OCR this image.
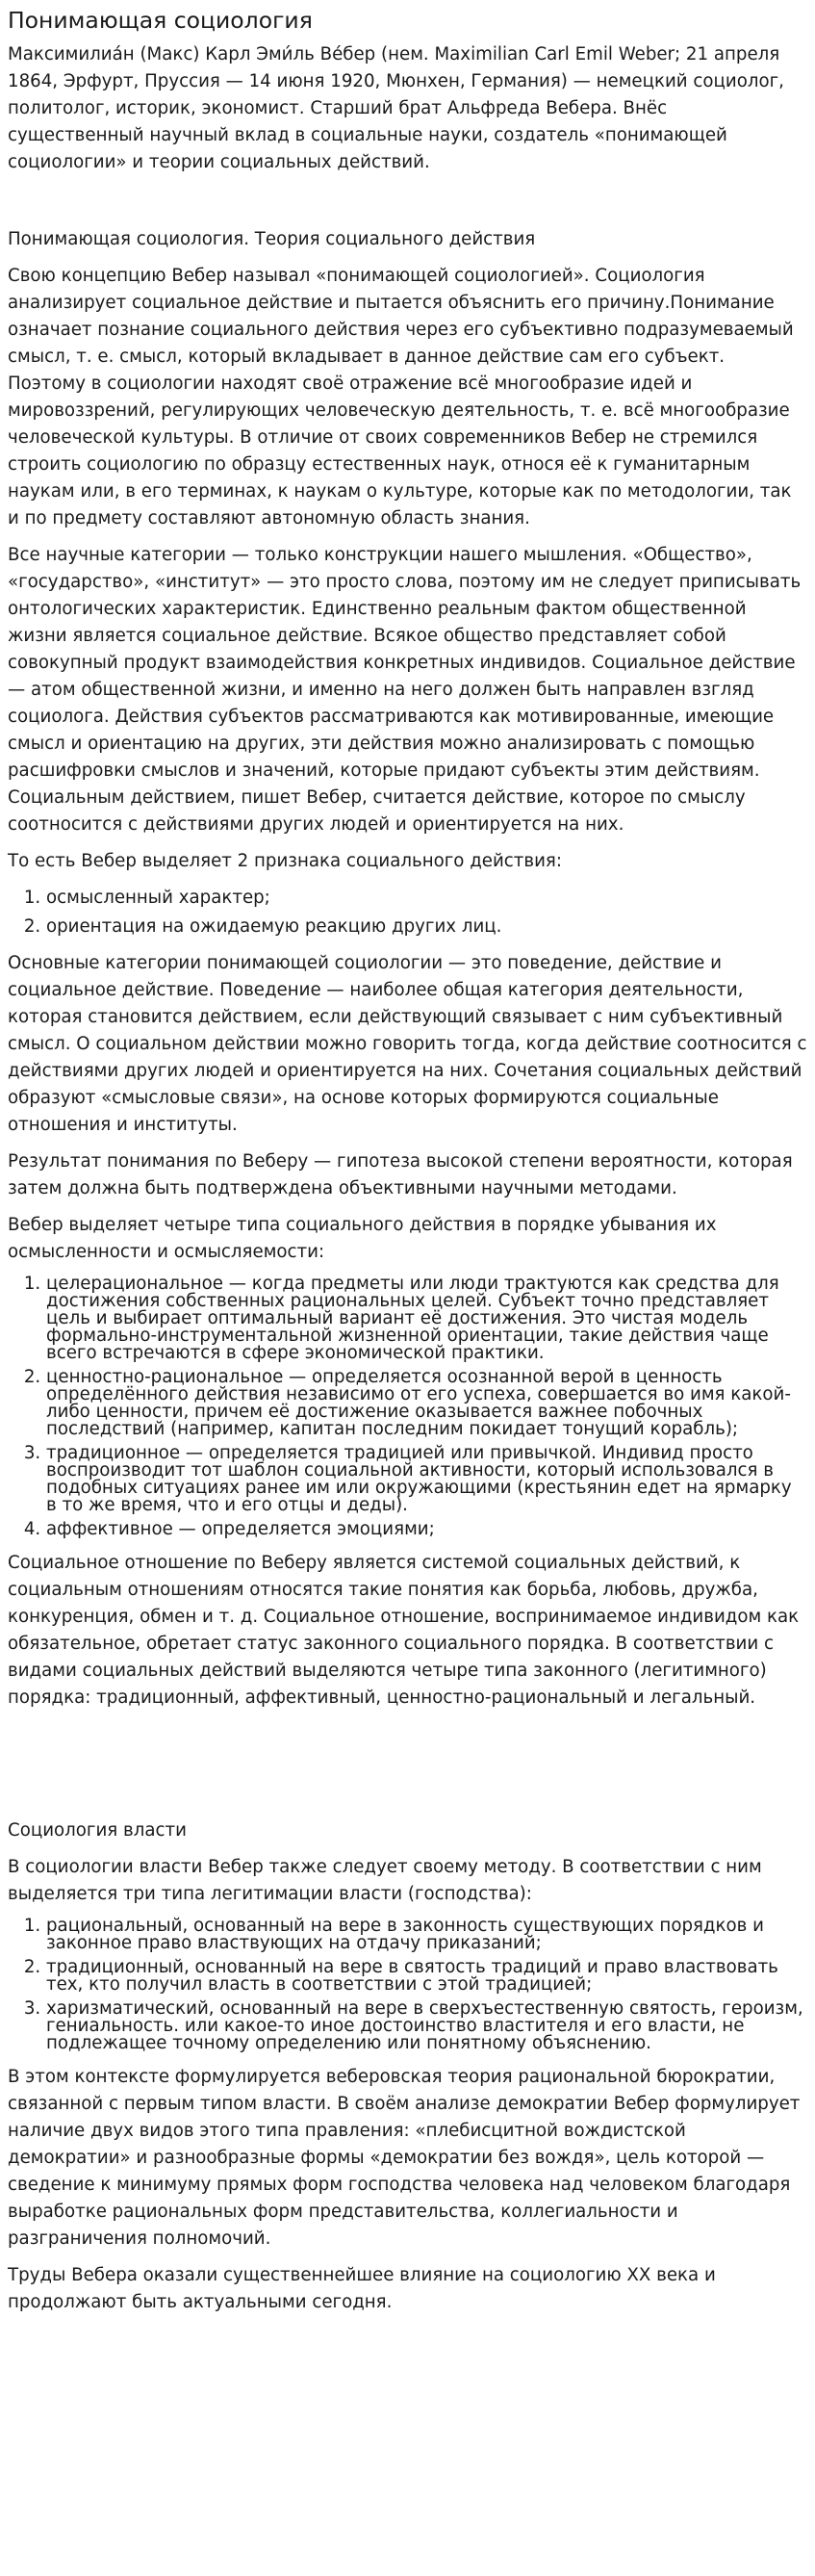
Понимающая социология

Максимилиа́н (Макс) Карл Эми́ль Ве́бер (нем. Maximilian Carl Emil Weber; 21 апреля 1864, Эрфурт, Пруссия — 14 июня 1920, Мюнхен, Германия) — немецкий социолог, политолог, историк, экономист. Старший брат Альфреда Вебера. Внёс существенный научный вклад в социальные науки, создатель «понимающей социологии» и теории социальных действий.

Понимающая социология. Теория социального действия

Свою концепцию Вебер называл «понимающей социологией». Социология анализирует социальное действие и пытается объяснить его причину.Понимание означает познание социального действия через его субъективно подразумеваемый смысл, т. е. смысл, который вкладывает в данное действие сам его субъект. Поэтому в социологии находят своё отражение всё многообразие идей и мировоззрений, регулирующих человеческую деятельность, т. е. всё многообразие человеческой культуры. В отличие от своих современников Вебер не стремился строить социологию по образцу естественных наук, относя её к гуманитарным наукам или, в его терминах, к наукам о культуре, которые как по методологии, так и по предмету составляют автономную область знания.

Все научные категории — только конструкции нашего мышления. «Общество», «государство», «институт» — это просто слова, поэтому им не следует приписывать онтологических характеристик. Единственно реальным фактом общественной жизни является социальное действие. Всякое общество представляет собой совокупный продукт взаимодействия конкретных индивидов. Социальное действие — атом общественной жизни, и именно на него должен быть направлен взгляд социолога. Действия субъектов рассматриваются как мотивированные, имеющие смысл и ориентацию на других, эти действия можно анализировать с помощью расшифровки смыслов и значений, которые придают субъекты этим действиям. Социальным действием, пишет Вебер, считается действие, которое по смыслу соотносится с действиями других людей и ориентируется на них.

То есть Вебер выделяет 2 признака социального действия:

1. осмысленный характер;
2. ориентация на ожидаемую реакцию других лиц.

Основные категории понимающей социологии — это поведение, действие и социальное действие. Поведение — наиболее общая категория деятельности, которая становится действием, если действующий связывает с ним субъективный смысл. О социальном действии можно говорить тогда, когда действие соотносится с действиями других людей и ориентируется на них. Сочетания социальных действий образуют «смысловые связи», на основе которых формируются социальные отношения и институты.

Результат понимания по Веберу — гипотеза высокой степени вероятности, которая затем должна быть подтверждена объективными научными методами.

Вебер выделяет четыре типа социального действия в порядке убывания их осмысленности и осмысляемости:

1. целерациональное — когда предметы или люди трактуются как средства для достижения собственных рациональных целей. Субъект точно представляет цель и выбирает оптимальный вариант её достижения. Это чистая модель формально-инструментальной жизненной ориентации, такие действия чаще всего встречаются в сфере экономической практики.
2. ценностно-рациональное — определяется осознанной верой в ценность определённого действия независимо от его успеха, совершается во имя какой-либо ценности, причем её достижение оказывается важнее побочных последствий (например, капитан последним покидает тонущий корабль);
3. традиционное — определяется традицией или привычкой. Индивид просто воспроизводит тот шаблон социальной активности, который использовался в подобных ситуациях ранее им или окружающими (крестьянин едет на ярмарку в то же время, что и его отцы и деды).
4. аффективное — определяется эмоциями;

Социальное отношение по Веберу является системой социальных действий, к социальным отношениям относятся такие понятия как борьба, любовь, дружба, конкуренция, обмен и т. д. Социальное отношение, воспринимаемое индивидом как обязательное, обретает статус законного социального порядка. В соответствии с видами социальных действий выделяются четыре типа законного (легитимного) порядка: традиционный, аффективный, ценностно-рациональный и легальный.

Социология власти

В социологии власти Вебер также следует своему методу. В соответствии с ним выделяется три типа легитимации власти (господства):

1. рациональный, основанный на вере в законность существующих порядков и законное право властвующих на отдачу приказаний;
2. традиционный, основанный на вере в святость традиций и право властвовать тех, кто получил власть в соответствии с этой традицией;
3. харизматический, основанный на вере в сверхъестественную святость, героизм, гениальность. или какое-то иное достоинство властителя и его власти, не подлежащее точному определению или понятному объяснению.

В этом контексте формулируется веберовская теория рациональной бюрократии, связанной с первым типом власти. В своём анализе демократии Вебер формулирует наличие двух видов этого типа правления: «плебисцитной вождистской демократии» и разнообразные формы «демократии без вождя», цель которой — сведение к минимуму прямых форм господства человека над человеком благодаря выработке рациональных форм представительства, коллегиальности и разграничения полномочий.

Труды Вебера оказали существеннейшее влияние на социологию XX века и продолжают быть актуальными сегодня.
